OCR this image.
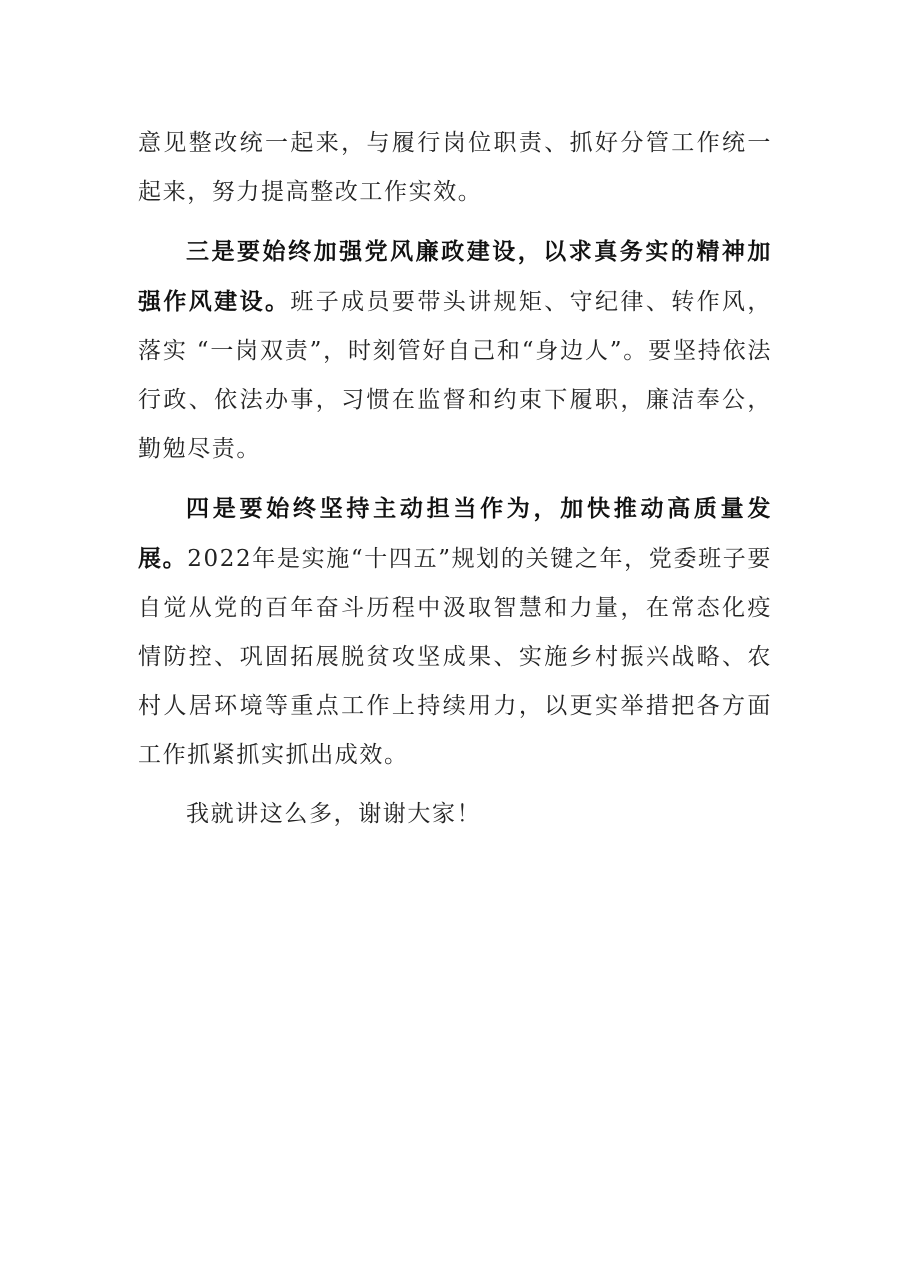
意见整改统一起来，与履行岗位职责、抓好分管工作统一起来，努力提高整改工作实效。

三是要始终加强党风廉政建设，以求真务实的精神加强作风建设。班子成员要带头讲规矩、守纪律、转作风，落实 “一岗双责”，时刻管好自己和“身边人”。要坚持依法行政、依法办事，习惯在监督和约束下履职，廉洁奉公，勤勉尽责。

四是要始终坚持主动担当作为，加快推动高质量发展。2022年是实施“十四五”规划的关键之年，党委班子要自觉从党的百年奋斗历程中汲取智慧和力量，在常态化疫情防控、巩固拓展脱贫攻坚成果、实施乡村振兴战略、农村人居环境等重点工作上持续用力，以更实举措把各方面工作抓紧抓实抓出成效。

我就讲这么多，谢谢大家！
